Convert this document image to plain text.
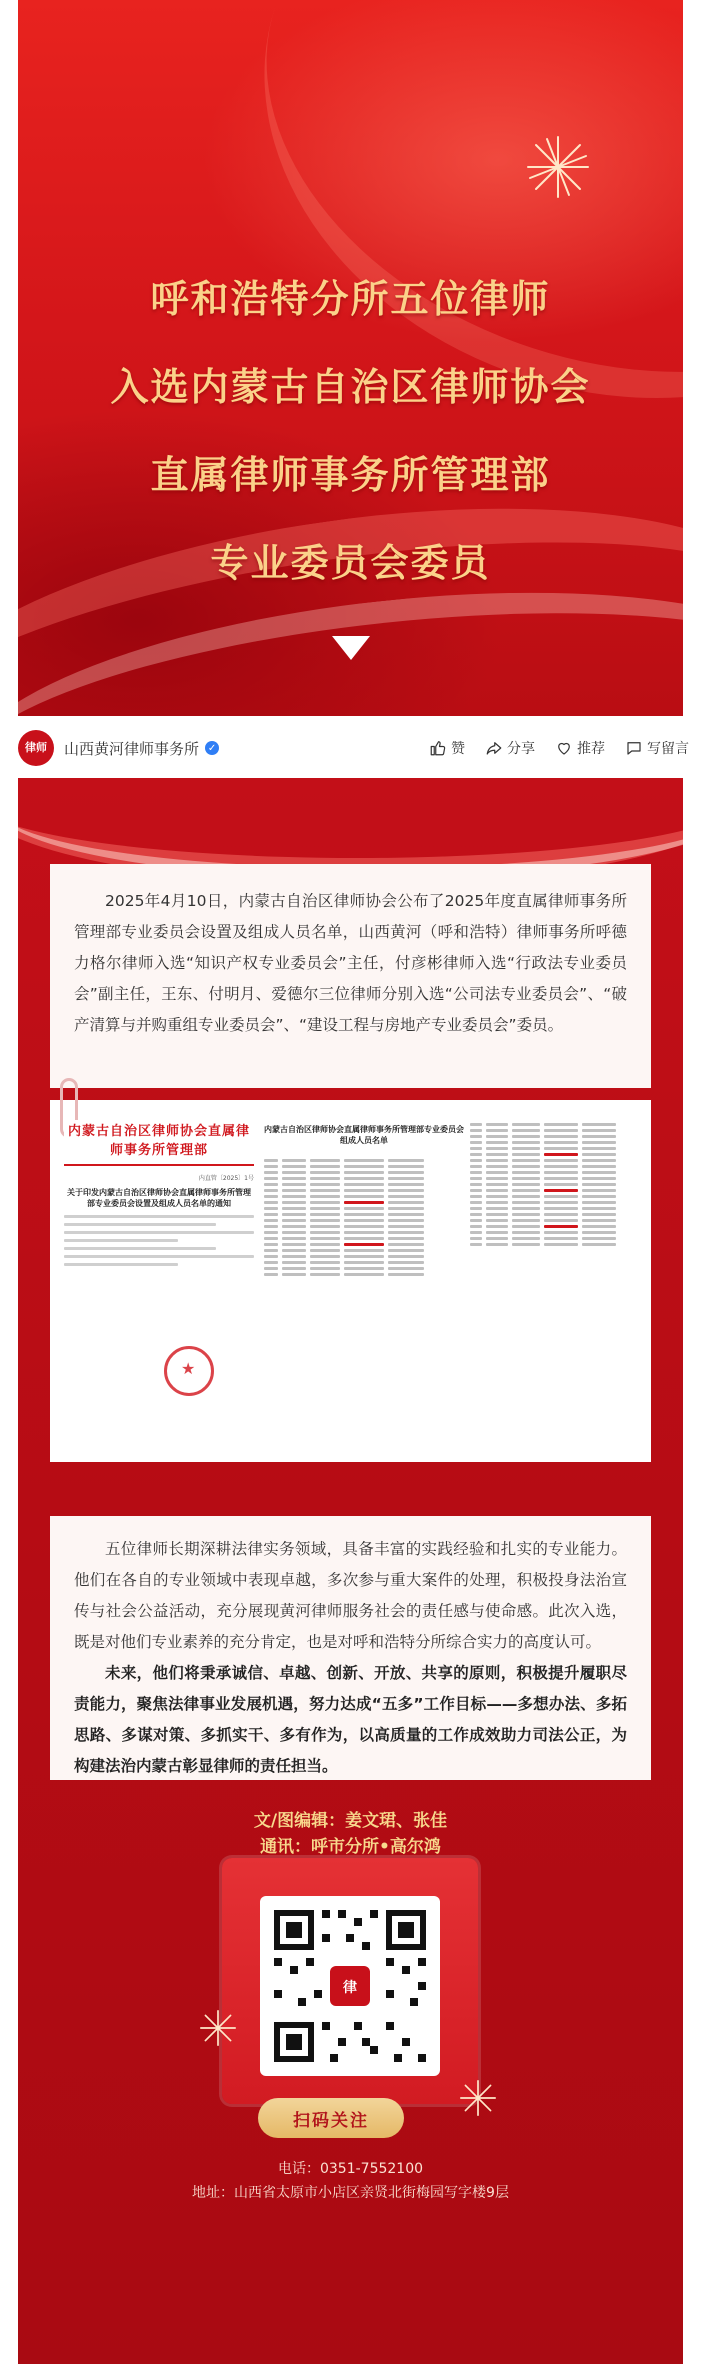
呼和浩特分所五位律师
入选内蒙古自治区律师协会
直属律师事务所管理部
专业委员会委员
律师 山西黄河律师事务所 ✓	赞	分享	推荐	写留言

2025年4月10日，内蒙古自治区律师协会公布了2025年度直属律师事务所管理部专业委员会设置及组成人员名单，山西黄河（呼和浩特）律师事务所呼德力格尔律师入选“知识产权专业委员会”主任，付彦彬律师入选“行政法专业委员会”副主任，王东、付明月、爱德尔三位律师分别入选“公司法专业委员会”、“破产清算与并购重组专业委员会”、“建设工程与房地产专业委员会”委员。

内蒙古自治区律师协会直属律师事务所管理部

内直管〔2025〕1号

关于印发内蒙古自治区律师协会直属律师事务所管理部专业委员会设置及组成人员名单的通知

★

内蒙古自治区律师协会直属律师事务所管理部专业委员会组成人员名单

五位律师长期深耕法律实务领域，具备丰富的实践经验和扎实的专业能力。他们在各自的专业领域中表现卓越，多次参与重大案件的处理，积极投身法治宣传与社会公益活动，充分展现黄河律师服务社会的责任感与使命感。此次入选，既是对他们专业素养的充分肯定，也是对呼和浩特分所综合实力的高度认可。

未来，他们将秉承诚信、卓越、创新、开放、共享的原则，积极提升履职尽责能力，聚焦法律事业发展机遇，努力达成“五多”工作目标——多想办法、多拓思路、多谋对策、多抓实干、多有作为，以高质量的工作成效助力司法公正，为构建法治内蒙古彰显律师的责任担当。

文/图编辑：姜文珺、张佳
通讯：呼市分所•高尔鸿
律
扫码关注
电话：0351-7552100
地址：山西省太原市小店区亲贤北街梅园写字楼9层
